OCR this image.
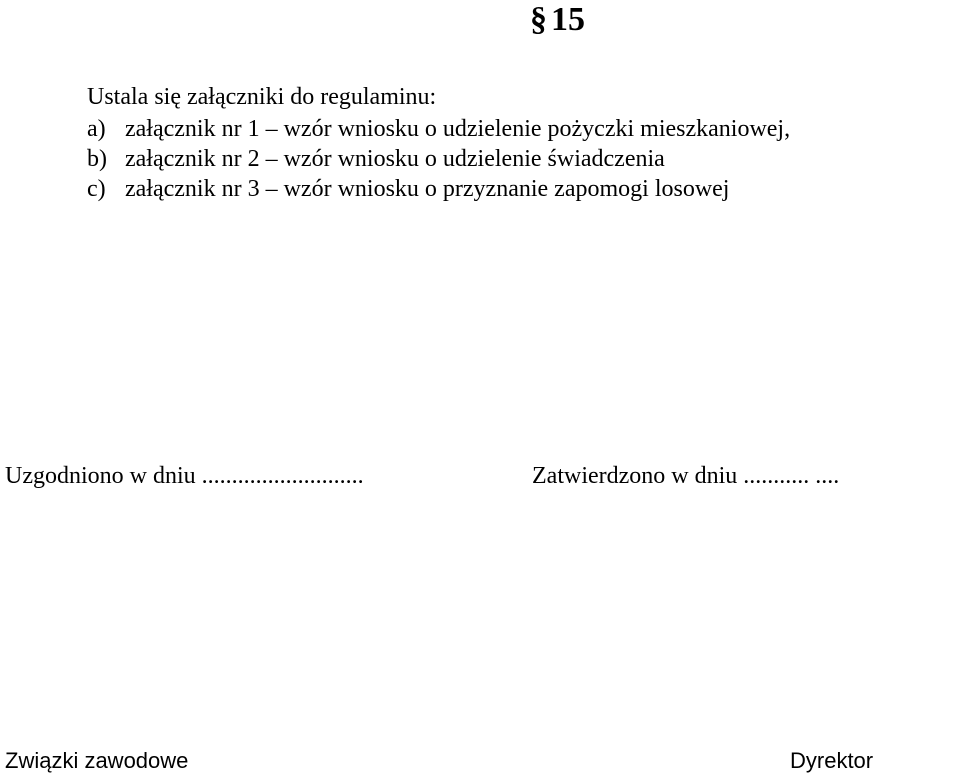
§ 15
Ustala się załączniki do regulaminu:
a) załącznik nr 1 – wzór wniosku o udzielenie pożyczki mieszkaniowej,
b) załącznik nr 2 – wzór wniosku o udzielenie świadczenia
c) załącznik nr 3 – wzór wniosku o przyznanie zapomogi losowej
Uzgodniono w dniu ...........................	Zatwierdzono w dniu ........... ....
Związki zawodowe	Dyrektor
